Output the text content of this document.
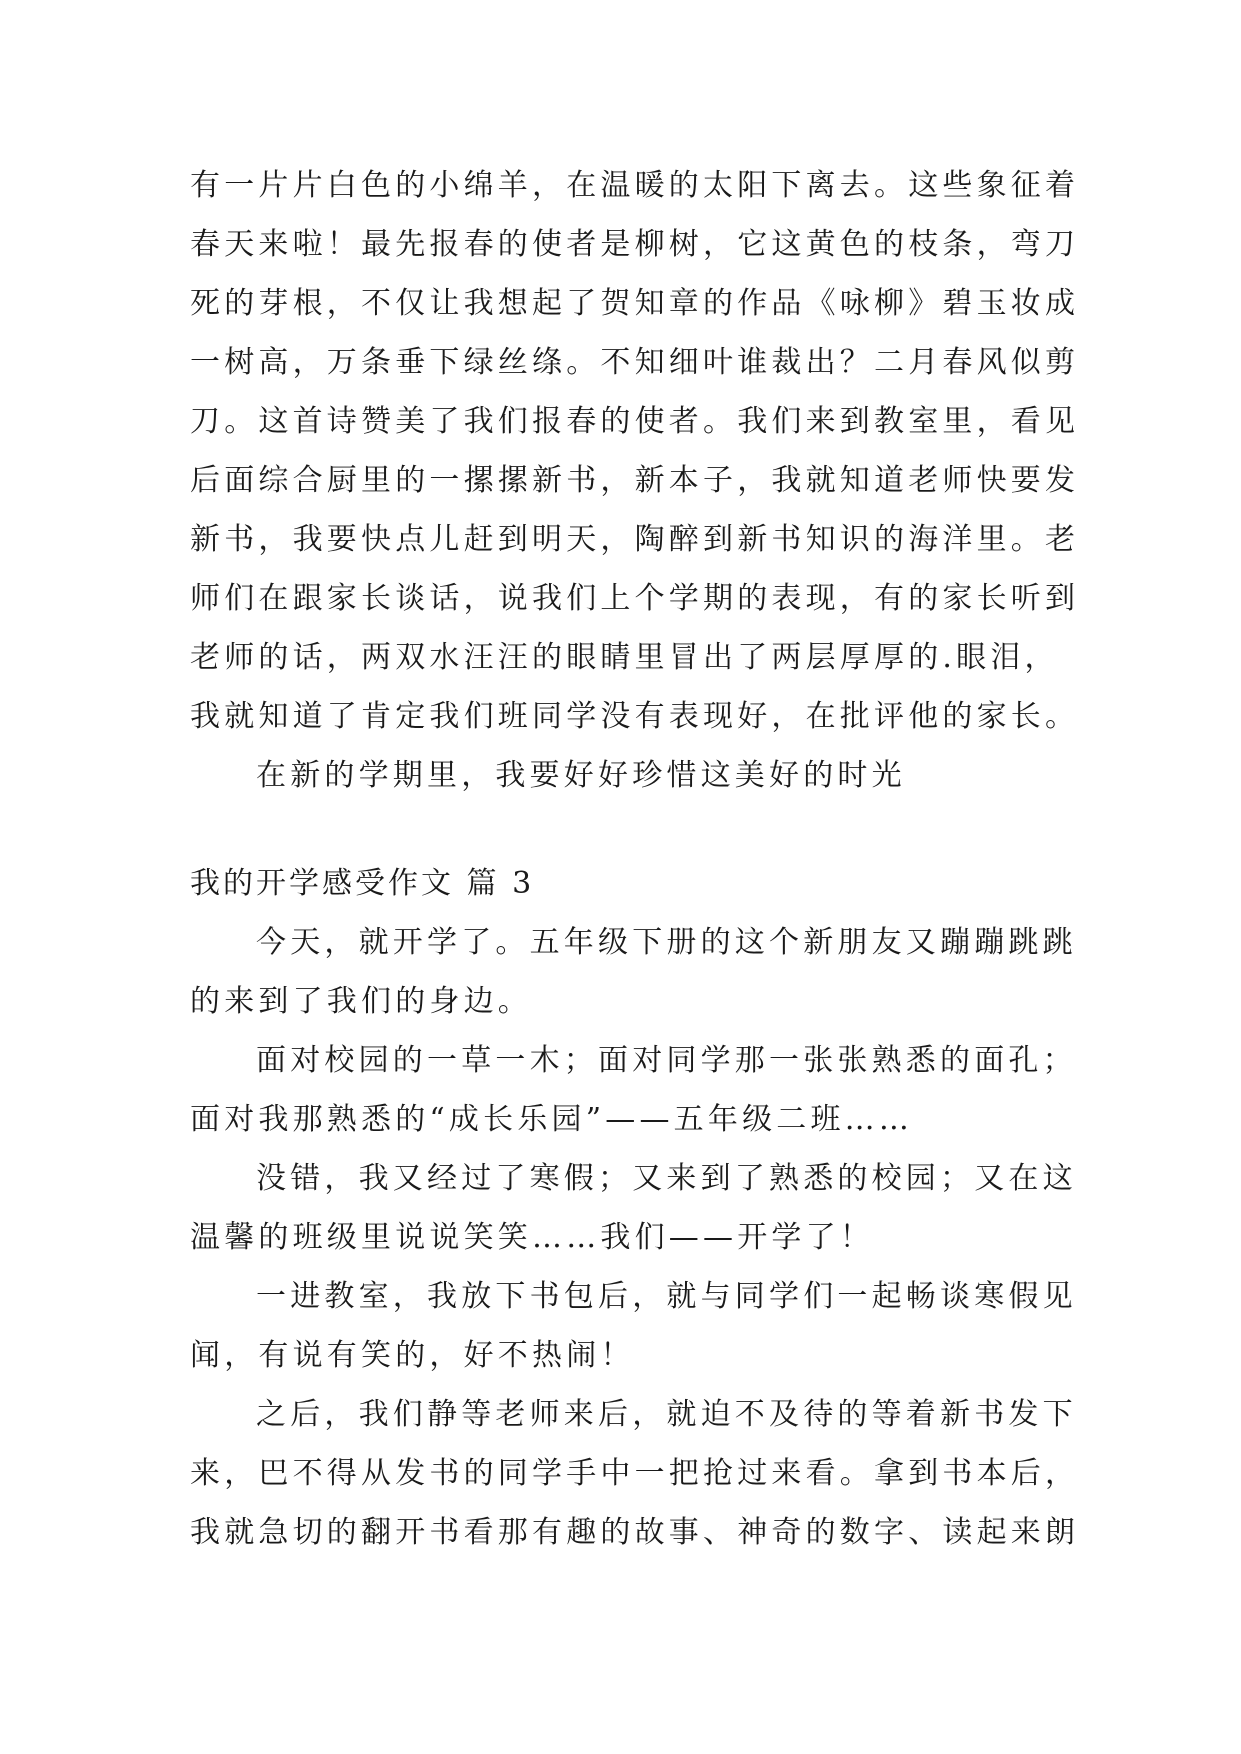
有一片片白色的小绵羊，在温暖的太阳下离去。这些象征着
春天来啦！最先报春的使者是柳树，它这黄色的枝条，弯刀
死的芽根，不仅让我想起了贺知章的作品《咏柳》碧玉妆成
一树高，万条垂下绿丝绦。不知细叶谁裁出？二月春风似剪
刀。这首诗赞美了我们报春的使者。我们来到教室里，看见
后面综合厨里的一摞摞新书，新本子，我就知道老师快要发
新书，我要快点儿赶到明天，陶醉到新书知识的海洋里。老
师们在跟家长谈话，说我们上个学期的表现，有的家长听到
老师的话，两双水汪汪的眼睛里冒出了两层厚厚的.眼泪，
我就知道了肯定我们班同学没有表现好，在批评他的家长。
在新的学期里，我要好好珍惜这美好的时光
我的开学感受作文 篇 3
今天，就开学了。五年级下册的这个新朋友又蹦蹦跳跳
的来到了我们的身边。
面对校园的一草一木；面对同学那一张张熟悉的面孔；
面对我那熟悉的“成长乐园”——五年级二班……
没错，我又经过了寒假；又来到了熟悉的校园；又在这
温馨的班级里说说笑笑……我们——开学了！
一进教室，我放下书包后，就与同学们一起畅谈寒假见
闻，有说有笑的，好不热闹！
之后，我们静等老师来后，就迫不及待的等着新书发下
来，巴不得从发书的同学手中一把抢过来看。拿到书本后，
我就急切的翻开书看那有趣的故事、神奇的数字、读起来朗
